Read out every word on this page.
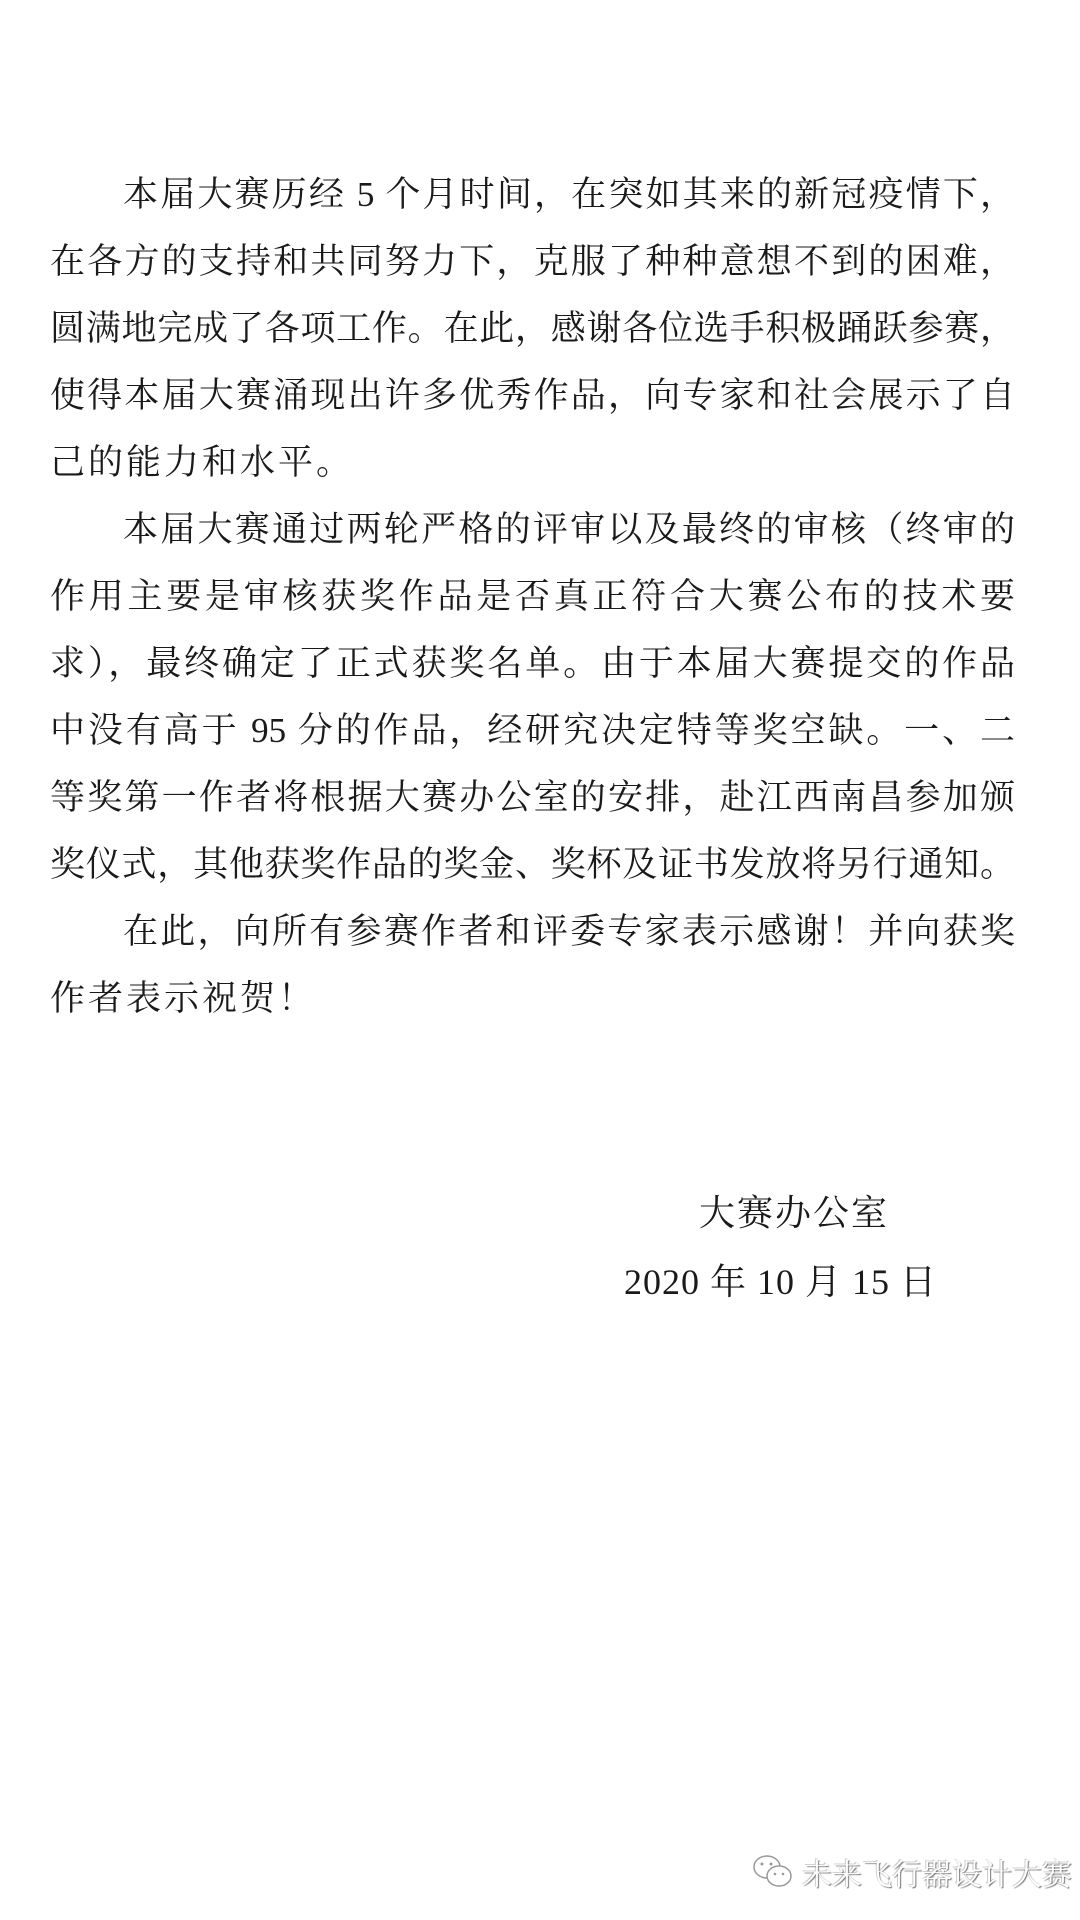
本届大赛历经 5 个月时间，在突如其来的新冠疫情下，
在各方的支持和共同努力下，克服了种种意想不到的困难，
圆满地完成了各项工作。在此，感谢各位选手积极踊跃参赛，
使得本届大赛涌现出许多优秀作品，向专家和社会展示了自
己的能力和水平。
本届大赛通过两轮严格的评审以及最终的审核（终审的
作用主要是审核获奖作品是否真正符合大赛公布的技术要
求），最终确定了正式获奖名单。由于本届大赛提交的作品
中没有高于 95 分的作品，经研究决定特等奖空缺。一、二
等奖第一作者将根据大赛办公室的安排，赴江西南昌参加颁
奖仪式，其他获奖作品的奖金、奖杯及证书发放将另行通知。
在此，向所有参赛作者和评委专家表示感谢！并向获奖
作者表示祝贺！
大赛办公室
2020 年 10 月 15 日
未来飞行器设计大赛
